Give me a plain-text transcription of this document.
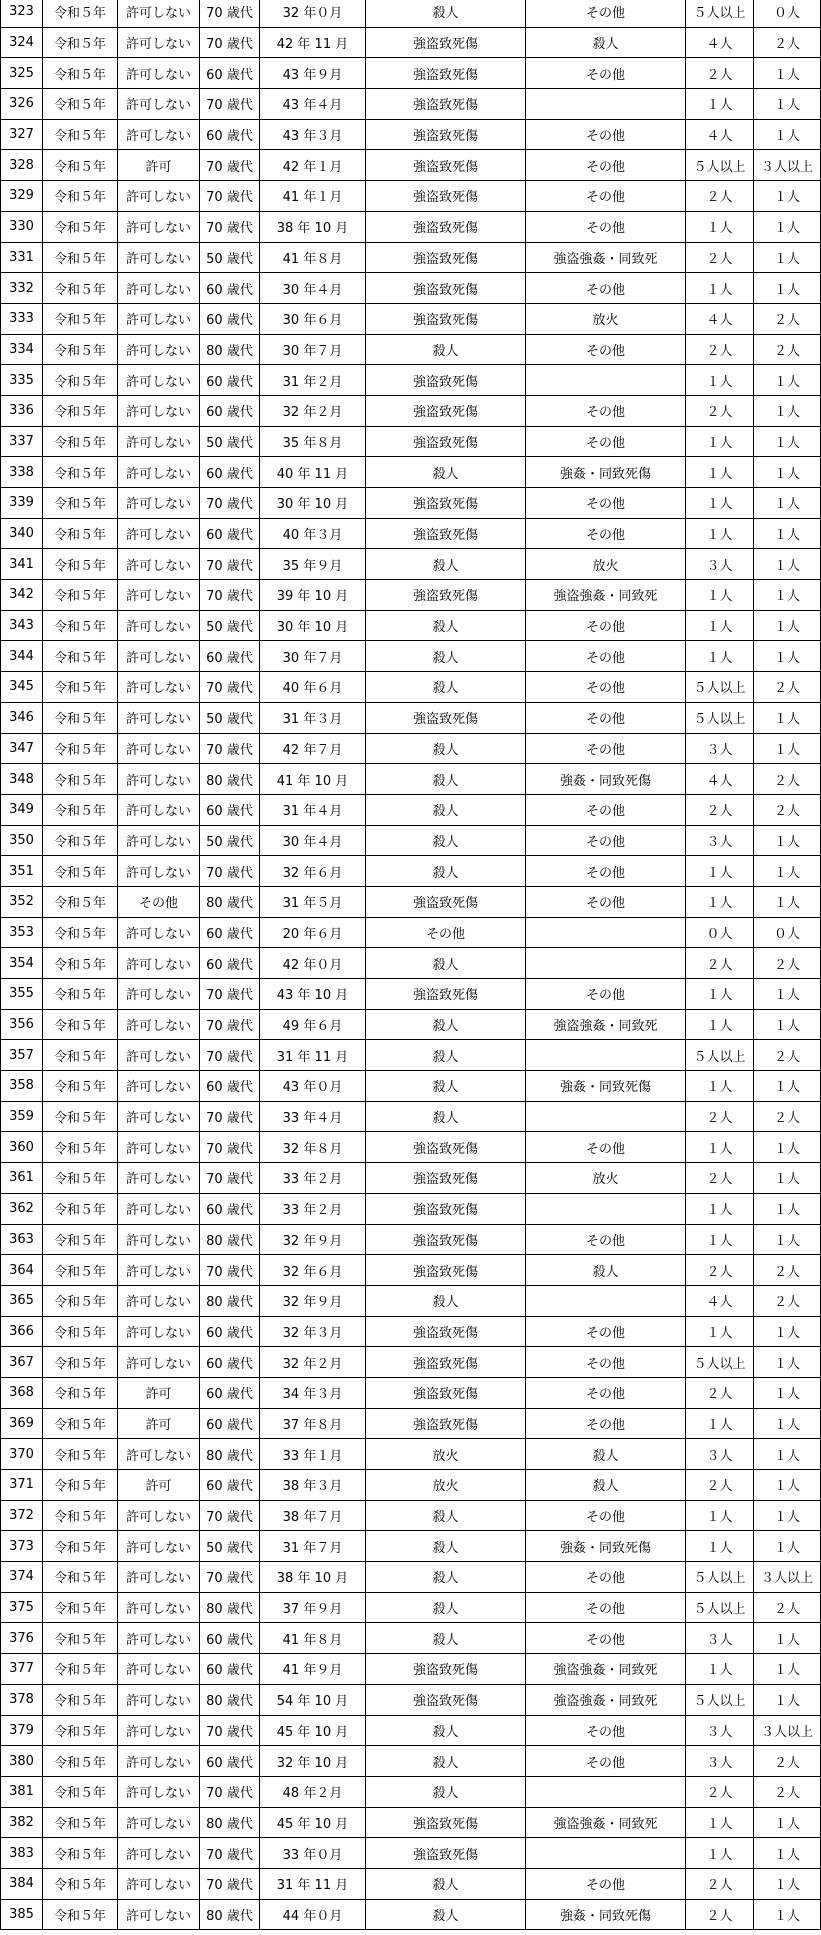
323	令和５年	許可しない	70 歳代	32 年０月	殺人	その他	５人以上	０人
324	令和５年	許可しない	70 歳代	42 年 11 月	強盗致死傷	殺人	４人	２人
325	令和５年	許可しない	60 歳代	43 年９月	強盗致死傷	その他	２人	１人
326	令和５年	許可しない	70 歳代	43 年４月	強盗致死傷		１人	１人
327	令和５年	許可しない	60 歳代	43 年３月	強盗致死傷	その他	４人	１人
328	令和５年	許可	70 歳代	42 年１月	強盗致死傷	その他	５人以上	３人以上
329	令和５年	許可しない	70 歳代	41 年１月	強盗致死傷	その他	２人	１人
330	令和５年	許可しない	70 歳代	38 年 10 月	強盗致死傷	その他	１人	１人
331	令和５年	許可しない	50 歳代	41 年８月	強盗致死傷	強盗強姦・同致死	２人	１人
332	令和５年	許可しない	60 歳代	30 年４月	強盗致死傷	その他	１人	１人
333	令和５年	許可しない	60 歳代	30 年６月	強盗致死傷	放火	４人	２人
334	令和５年	許可しない	80 歳代	30 年７月	殺人	その他	２人	２人
335	令和５年	許可しない	60 歳代	31 年２月	強盗致死傷		１人	１人
336	令和５年	許可しない	60 歳代	32 年２月	強盗致死傷	その他	２人	１人
337	令和５年	許可しない	50 歳代	35 年８月	強盗致死傷	その他	１人	１人
338	令和５年	許可しない	60 歳代	40 年 11 月	殺人	強姦・同致死傷	１人	１人
339	令和５年	許可しない	70 歳代	30 年 10 月	強盗致死傷	その他	１人	１人
340	令和５年	許可しない	60 歳代	40 年３月	強盗致死傷	その他	１人	１人
341	令和５年	許可しない	70 歳代	35 年９月	殺人	放火	３人	１人
342	令和５年	許可しない	70 歳代	39 年 10 月	強盗致死傷	強盗強姦・同致死	１人	１人
343	令和５年	許可しない	50 歳代	30 年 10 月	殺人	その他	１人	１人
344	令和５年	許可しない	60 歳代	30 年７月	殺人	その他	１人	１人
345	令和５年	許可しない	70 歳代	40 年６月	殺人	その他	５人以上	２人
346	令和５年	許可しない	50 歳代	31 年３月	強盗致死傷	その他	５人以上	１人
347	令和５年	許可しない	70 歳代	42 年７月	殺人	その他	３人	１人
348	令和５年	許可しない	80 歳代	41 年 10 月	殺人	強姦・同致死傷	４人	２人
349	令和５年	許可しない	60 歳代	31 年４月	殺人	その他	２人	２人
350	令和５年	許可しない	50 歳代	30 年４月	殺人	その他	３人	１人
351	令和５年	許可しない	70 歳代	32 年６月	殺人	その他	１人	１人
352	令和５年	その他	80 歳代	31 年５月	強盗致死傷	その他	１人	１人
353	令和５年	許可しない	60 歳代	20 年６月	その他		０人	０人
354	令和５年	許可しない	60 歳代	42 年０月	殺人		２人	２人
355	令和５年	許可しない	70 歳代	43 年 10 月	強盗致死傷	その他	１人	１人
356	令和５年	許可しない	70 歳代	49 年６月	殺人	強盗強姦・同致死	１人	１人
357	令和５年	許可しない	70 歳代	31 年 11 月	殺人		５人以上	２人
358	令和５年	許可しない	60 歳代	43 年０月	殺人	強姦・同致死傷	１人	１人
359	令和５年	許可しない	70 歳代	33 年４月	殺人		２人	２人
360	令和５年	許可しない	70 歳代	32 年８月	強盗致死傷	その他	１人	１人
361	令和５年	許可しない	70 歳代	33 年２月	強盗致死傷	放火	２人	１人
362	令和５年	許可しない	60 歳代	33 年２月	強盗致死傷		１人	１人
363	令和５年	許可しない	80 歳代	32 年９月	強盗致死傷	その他	１人	１人
364	令和５年	許可しない	70 歳代	32 年６月	強盗致死傷	殺人	２人	２人
365	令和５年	許可しない	80 歳代	32 年９月	殺人		４人	２人
366	令和５年	許可しない	60 歳代	32 年３月	強盗致死傷	その他	１人	１人
367	令和５年	許可しない	60 歳代	32 年２月	強盗致死傷	その他	５人以上	１人
368	令和５年	許可	60 歳代	34 年３月	強盗致死傷	その他	２人	１人
369	令和５年	許可	60 歳代	37 年８月	強盗致死傷	その他	１人	１人
370	令和５年	許可しない	80 歳代	33 年１月	放火	殺人	３人	１人
371	令和５年	許可	60 歳代	38 年３月	放火	殺人	２人	１人
372	令和５年	許可しない	70 歳代	38 年７月	殺人	その他	１人	１人
373	令和５年	許可しない	50 歳代	31 年７月	殺人	強姦・同致死傷	１人	１人
374	令和５年	許可しない	70 歳代	38 年 10 月	殺人	その他	５人以上	３人以上
375	令和５年	許可しない	80 歳代	37 年９月	殺人	その他	５人以上	２人
376	令和５年	許可しない	60 歳代	41 年８月	殺人	その他	３人	１人
377	令和５年	許可しない	60 歳代	41 年９月	強盗致死傷	強盗強姦・同致死	１人	１人
378	令和５年	許可しない	80 歳代	54 年 10 月	強盗致死傷	強盗強姦・同致死	５人以上	１人
379	令和５年	許可しない	70 歳代	45 年 10 月	殺人	その他	３人	３人以上
380	令和５年	許可しない	60 歳代	32 年 10 月	殺人	その他	３人	２人
381	令和５年	許可しない	70 歳代	48 年２月	殺人		２人	２人
382	令和５年	許可しない	80 歳代	45 年 10 月	強盗致死傷	強盗強姦・同致死	１人	１人
383	令和５年	許可しない	70 歳代	33 年０月	強盗致死傷		１人	１人
384	令和５年	許可しない	70 歳代	31 年 11 月	殺人	その他	２人	１人
385	令和５年	許可しない	80 歳代	44 年０月	殺人	強姦・同致死傷	２人	１人
